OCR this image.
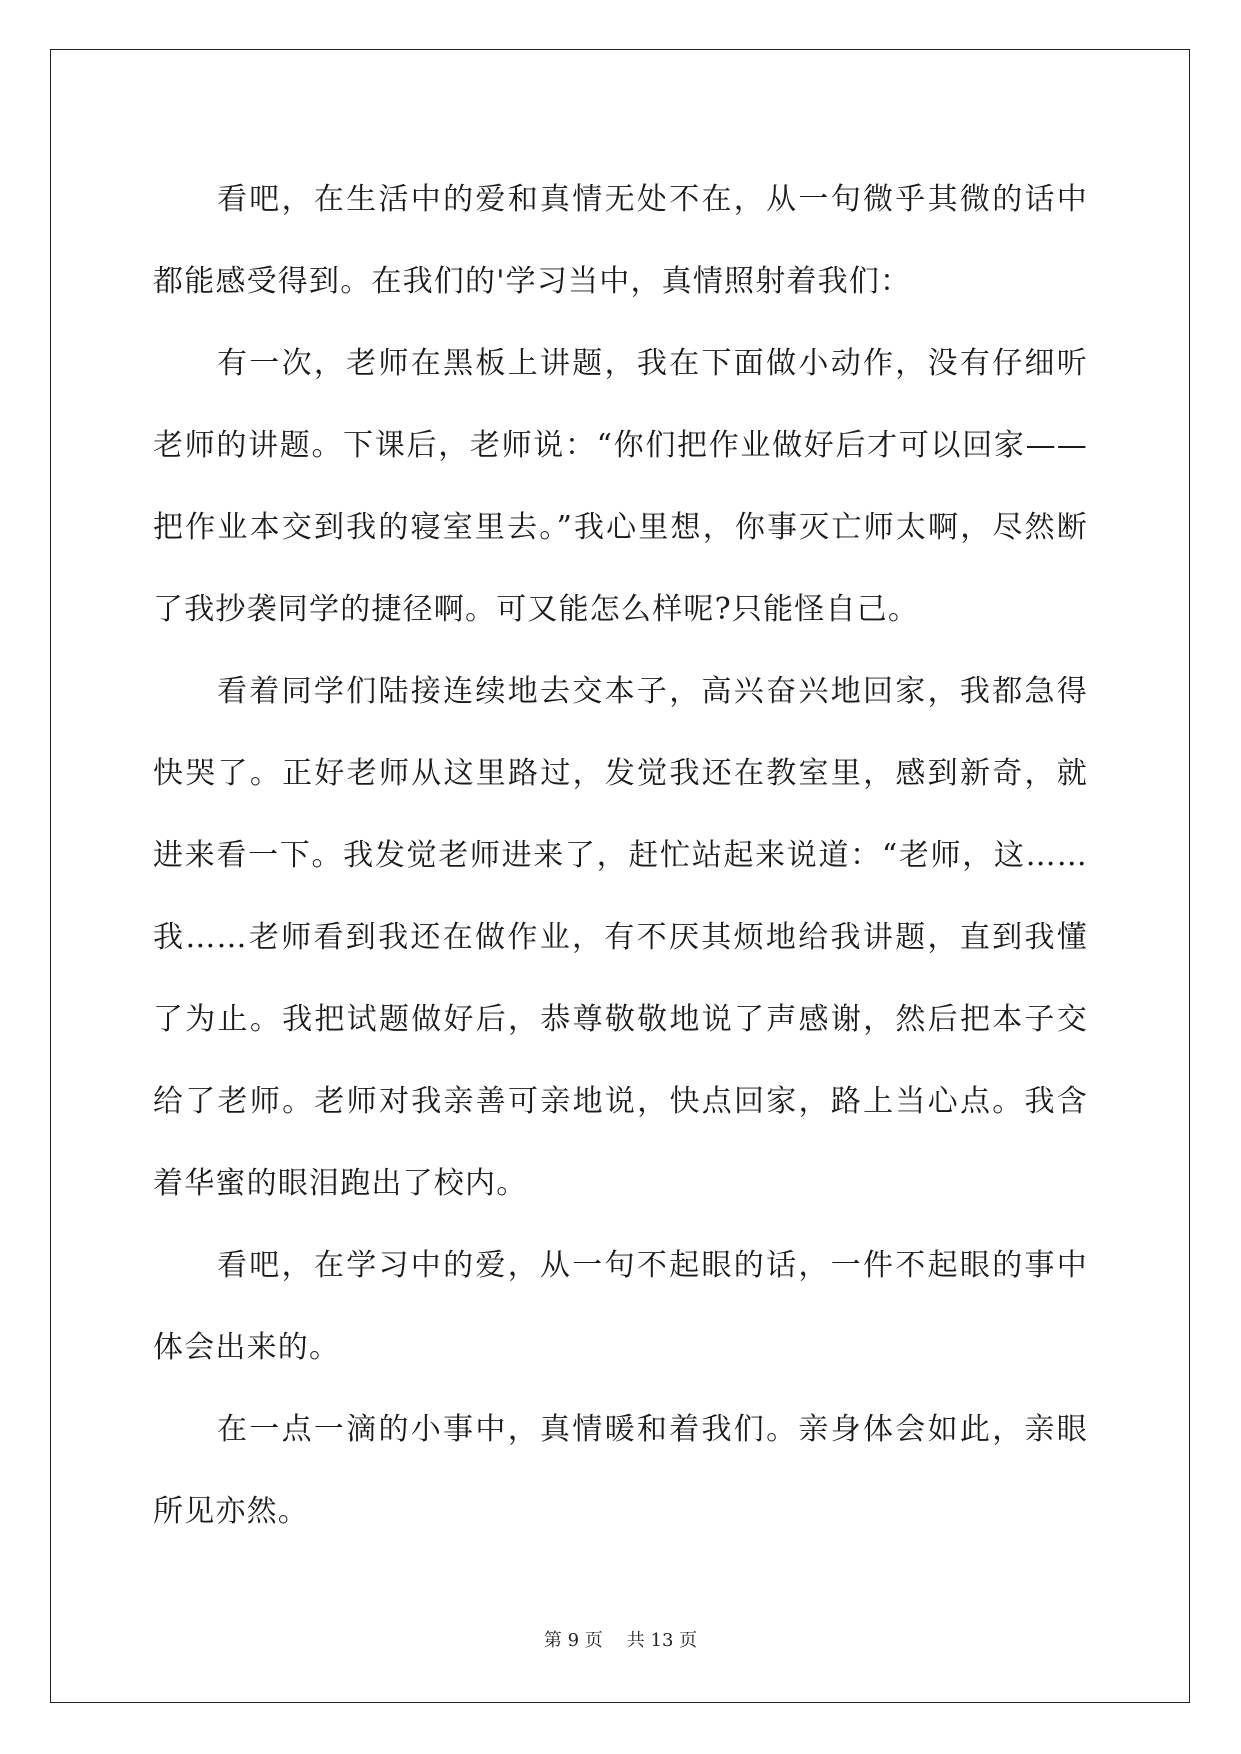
看吧，在生活中的爱和真情无处不在，从一句微乎其微的话中都能感受得到。在我们的'学习当中，真情照射着我们：

有一次，老师在黑板上讲题，我在下面做小动作，没有仔细听老师的讲题。下课后，老师说：“你们把作业做好后才可以回家——把作业本交到我的寝室里去。”我心里想，你事灭亡师太啊，尽然断了我抄袭同学的捷径啊。可又能怎么样呢?只能怪自己。

看着同学们陆接连续地去交本子，高兴奋兴地回家，我都急得快哭了。正好老师从这里路过，发觉我还在教室里，感到新奇，就进来看一下。我发觉老师进来了，赶忙站起来说道：“老师，这……我……老师看到我还在做作业，有不厌其烦地给我讲题，直到我懂了为止。我把试题做好后，恭尊敬敬地说了声感谢，然后把本子交给了老师。老师对我亲善可亲地说，快点回家，路上当心点。我含着华蜜的眼泪跑出了校内。

看吧，在学习中的爱，从一句不起眼的话，一件不起眼的事中体会出来的。

在一点一滴的小事中，真情暖和着我们。亲身体会如此，亲眼所见亦然。

第 9 页 共 13 页
